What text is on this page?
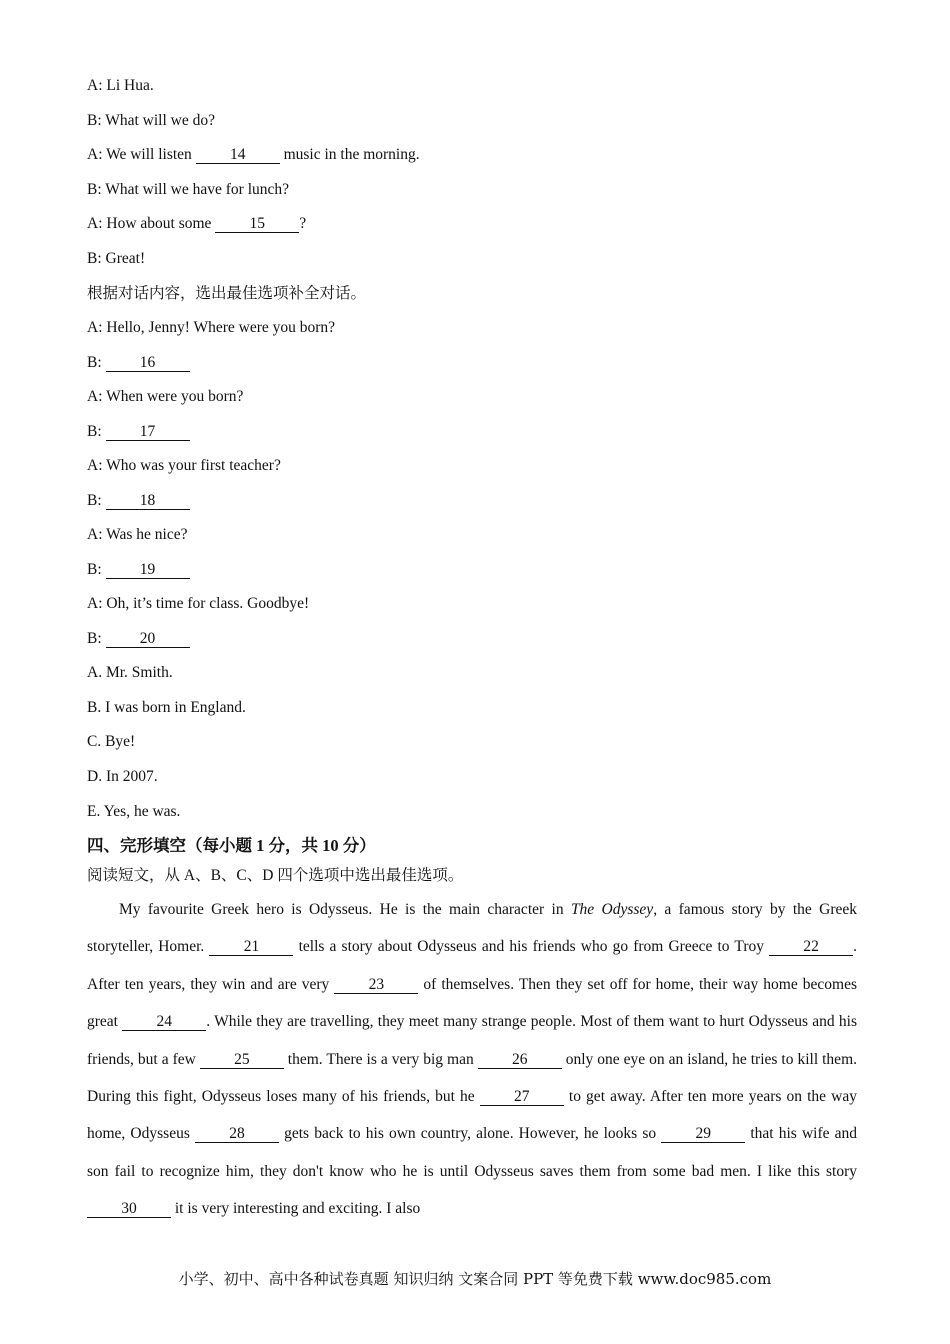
A: Li Hua.
B: What will we do?
A: We will listen 14 music in the morning.
B: What will we have for lunch?
A: How about some 15 ?
B: Great!
根据对话内容，选出最佳选项补全对话。
A: Hello, Jenny! Where were you born?
B: 16
A: When were you born?
B: 17
A: Who was your first teacher?
B: 18
A: Was he nice?
B: 19
A: Oh, it’s time for class. Goodbye!
B: 20
A. Mr. Smith.
B. I was born in England.
C. Bye!
D. In 2007.
E. Yes, he was.
四、完形填空（每小题 1 分，共 10 分）
阅读短文，从 A、B、C、D 四个选项中选出最佳选项。
My favourite Greek hero is Odysseus. He is the main character in The Odyssey, a famous story by the Greek storyteller, Homer. 21 tells a story about Odysseus and his friends who go from Greece to Troy 22 . After ten years, they win and are very 23 of themselves. Then they set off for home, their way home becomes great 24 . While they are travelling, they meet many strange people. Most of them want to hurt Odysseus and his friends, but a few 25 them. There is a very big man 26 only one eye on an island, he tries to kill them. During this fight, Odysseus loses many of his friends, but he 27 to get away. After ten more years on the way home, Odysseus 28 gets back to his own country, alone. However, he looks so 29 that his wife and son fail to recognize him, they don't know who he is until Odysseus saves them from some bad men. I like this story 30 it is very interesting and exciting. I also
小学、初中、高中各种试卷真题 知识归纳 文案合同 PPT 等免费下载 www.doc985.com
